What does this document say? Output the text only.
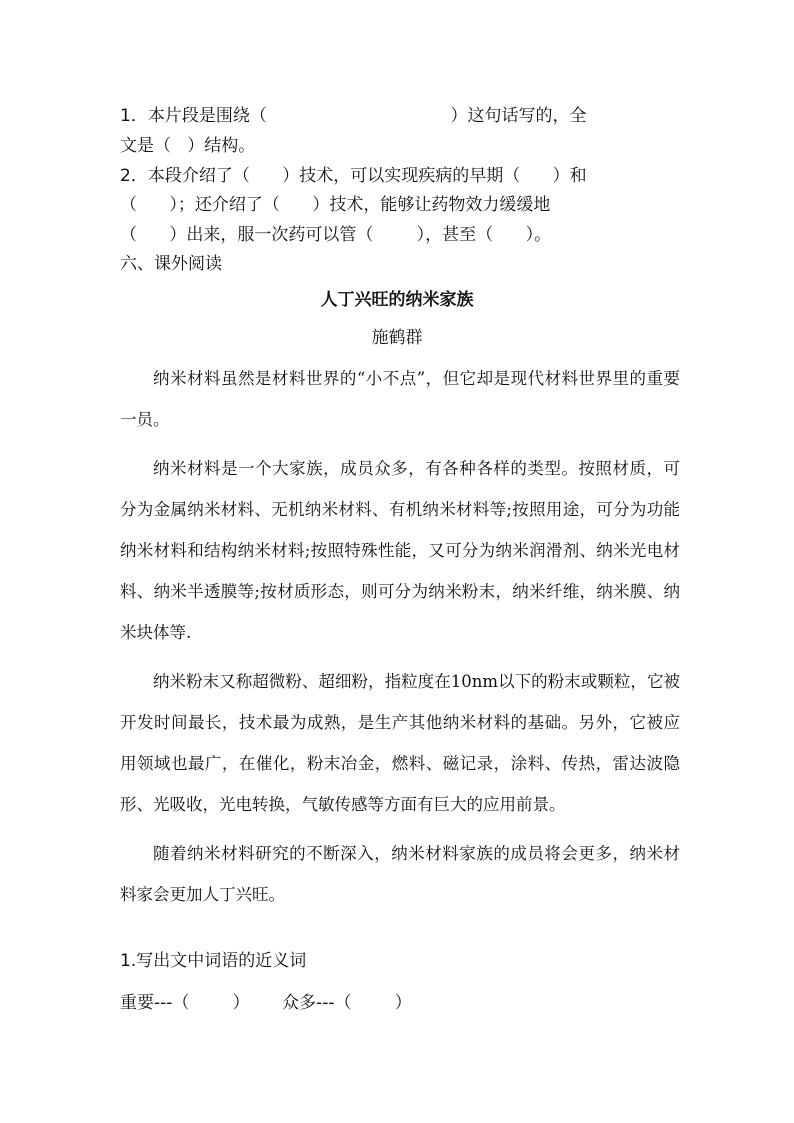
1．本片段是围绕（                                  ）这句话写的，全
文是（   ）结构。
2．本段介绍了（      ）技术，可以实现疾病的早期（      ）和
（      ）；还介绍了（      ）技术，能够让药物效力缓缓地
（      ）出来，服一次药可以管（        ），甚至（      ）。
六、课外阅读
人丁兴旺的纳米家族
施鹤群

纳米材料虽然是材料世界的“小不点”，但它却是现代材料世界里的重要一员。

纳米材料是一个大家族，成员众多，有各种各样的类型。按照材质，可分为金属纳米材料、无机纳米材料、有机纳米材料等;按照用途，可分为功能纳米材料和结构纳米材料;按照特殊性能，又可分为纳米润滑剂、纳米光电材料、纳米半透膜等;按材质形态，则可分为纳米粉末，纳米纤维，纳米膜、纳米块体等.

纳米粉末又称超微粉、超细粉，指粒度在10nm以下的粉末或颗粒，它被开发时间最长，技术最为成熟，是生产其他纳米材料的基础。另外，它被应用领域也最广，在催化，粉末冶金，燃料、磁记录，涂料、传热，雷达波隐形、光吸收，光电转换，气敏传感等方面有巨大的应用前景。

随着纳米材料研究的不断深入，纳米材料家族的成员将会更多，纳米材料家会更加人丁兴旺。

1.写出文中词语的近义词
重要---（        ）      众多---（        ）
